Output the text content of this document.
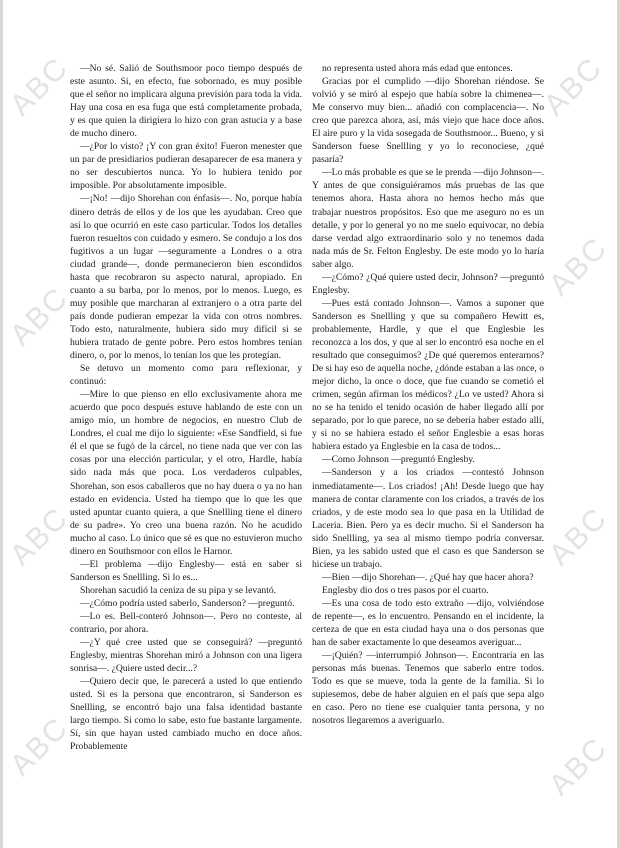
ABC	ABC
ABC
ABC
ABC	ABC
ABC	ABC

—No sé. Salió de Southsmoor poco tiempo después de este asunto. Sí, en efecto, fue sobornado, es muy posible que el señor no implicara alguna previsión para toda la vida. Hay una cosa en esa fuga que está completamente probada, y es que quien la dirigiera lo hizo con gran astucia y a base de mucho dinero.

—¿Por lo visto? ¡Y con gran éxito! Fueron menester que un par de presidiarios pudieran desaparecer de esa manera y no ser descubiertos nunca. Yo lo hubiera tenido por imposible. Por absolutamente imposible.

—¡No! —dijo Shorehan con énfasis—. No, porque había dinero detrás de ellos y de los que les ayudaban. Creo que así lo que ocurrió en este caso particular. Todos los detalles fueron resueltos con cuidado y esmero. Se condujo a los dos fugitivos a un lugar —seguramente a Londres o a otra ciudad grande—, donde permanecieron bien escondidos hasta que recobraron su aspecto natural, apropiado. En cuanto a su barba, por lo menos, por lo menos. Luego, es muy posible que marcharan al extranjero o a otra parte del país donde pudieran empezar la vida con otros nombres. Todo esto, naturalmente, hubiera sido muy difícil si se hubiera tratado de gente pobre. Pero estos hombres tenían dinero, o, por lo menos, lo tenían los que les protegían.

Se detuvo un momento como para reflexionar, y continuó:

—Mire lo que pienso en ello exclusivamente ahora me acuerdo que poco después estuve hablando de este con un amigo mío, un hombre de negocios, en nuestro Club de Londres, el cual me dijo lo siguiente: «Ese Sandfield, si fue él el que se fugó de la cárcel, no tiene nada que ver con las cosas por una elección particular, y el otro, Hardle, había sido nada más que poca. Los verdaderos culpables, Shorehan, son esos caballeros que no hay duera o ya no han estado en evidencia. Usted ha tiempo que lo que les que usted apuntar cuanto quiera, a que Snellling tiene el dinero de su padre». Yo creo una buena razón. No he acudido mucho al caso. Lo único que sé es que no estuvieron mucho dinero en Southsmoor con ellos le Harnor.

—El problema —dijo Englesby— está en saber si Sanderson es Snellling. Si lo es...

Shorehan sacudió la ceniza de su pipa y se levantó.

—¿Cómo podría usted saberlo, Sanderson? —preguntó.

—Lo es. Bell-conteró Johnson—. Pero no conteste, al contrario, por ahora.

—¿Y qué cree usted que se conseguirá? —preguntó Englesby, mientras Shorehan miró a Johnson con una ligera sonrisa—. ¿Quiere usted decir...?

—Quiero decir que, le parecerá a usted lo que entiendo usted. Si es la persona que encontraron, si Sanderson es Snellling, se encontró bajo una falsa identidad bastante largo tiempo. Si como lo sabe, esto fue bastante largamente. Sí, sin que hayan usted cambiado mucho en doce años. Probablemente

no representa usted ahora más edad que entonces.

Gracias por el cumplido —dijo Shorehan riéndose. Se volvió y se miró al espejo que había sobre la chimenea—. Me conservo muy bien... añadió con complacencia—. No creo que parezca ahora, así, más viejo que hace doce años. El aire puro y la vida sosegada de Southsmoor... Bueno, y si Sanderson fuese Snellling y yo lo reconociese, ¿qué pasaría?

—Lo más probable es que se le prenda —dijo Johnson—. Y antes de que consiguiéramos más pruebas de las que tenemos ahora. Hasta ahora no hemos hecho más que trabajar nuestros propósitos. Eso que me aseguro no es un detalle, y por lo general yo no me suelo equivocar, no debía darse verdad algo extraordinario solo y no tenemos dada nada más de Sr. Felton Englesby. De este modo yo lo haría saber algo.

—¿Cómo? ¿Qué quiere usted decir, Johnson? —preguntó Englesby.

—Pues está contado Johnson—. Vamos a suponer que Sanderson es Snellling y que su compañero Hewitt es, probablemente, Hardle, y que el que Englesbie les reconozca a los dos, y que al ser lo encontró esa noche en el resultado que conseguimos? ¿De qué queremos enterarnos? De si hay eso de aquella noche, ¿dónde estaban a las once, o mejor dicho, la once o doce, que fue cuando se cometió el crimen, según afirman los médicos? ¿Lo ve usted? Ahora si no se ha tenido el tenido ocasión de haber llegado allí por separado, por lo que parece, no se debería haber estado allí, y si no se habiera estado el señor Englesbie a esas horas habiera estado ya Englesbie en la casa de todos...

—Como Johnson —preguntó Englesby.

—Sanderson y a los criados —contestó Johnson inmediatamente—. Los criados! ¡Ah! Desde luego que hay manera de contar claramente con los criados, a través de los criados, y de este modo sea lo que pasa en la Utilidad de Laceria. Bien. Pero ya es decir mucho. Si el Sanderson ha sido Snellling, ya sea al mismo tiempo podría conversar. Bien, ya les sabido usted que el caso es que Sanderson se hiciese un trabajo.

—Bien —dijo Shorehan—. ¿Qué hay que hacer ahora?

Englesby dio dos o tres pasos por el cuarto.

—Es una cosa de todo esto extraño —dijo, volviéndose de repente—, es lo encuentro. Pensando en el incidente, la certeza de que en esta ciudad haya una o dos personas que han de saber exactamente lo que deseamos averiguar...

—¡Quién? —interrumpió Johnson—. Encontraría en las personas más buenas. Tenemos que saberlo entre todos. Todo es que se mueve, toda la gente de la familia. Si lo supiesemos, debe de haber alguien en el país que sepa algo en caso. Pero no tiene ese cualquier tanta persona, y no nosotros llegaremos a averiguarlo.
